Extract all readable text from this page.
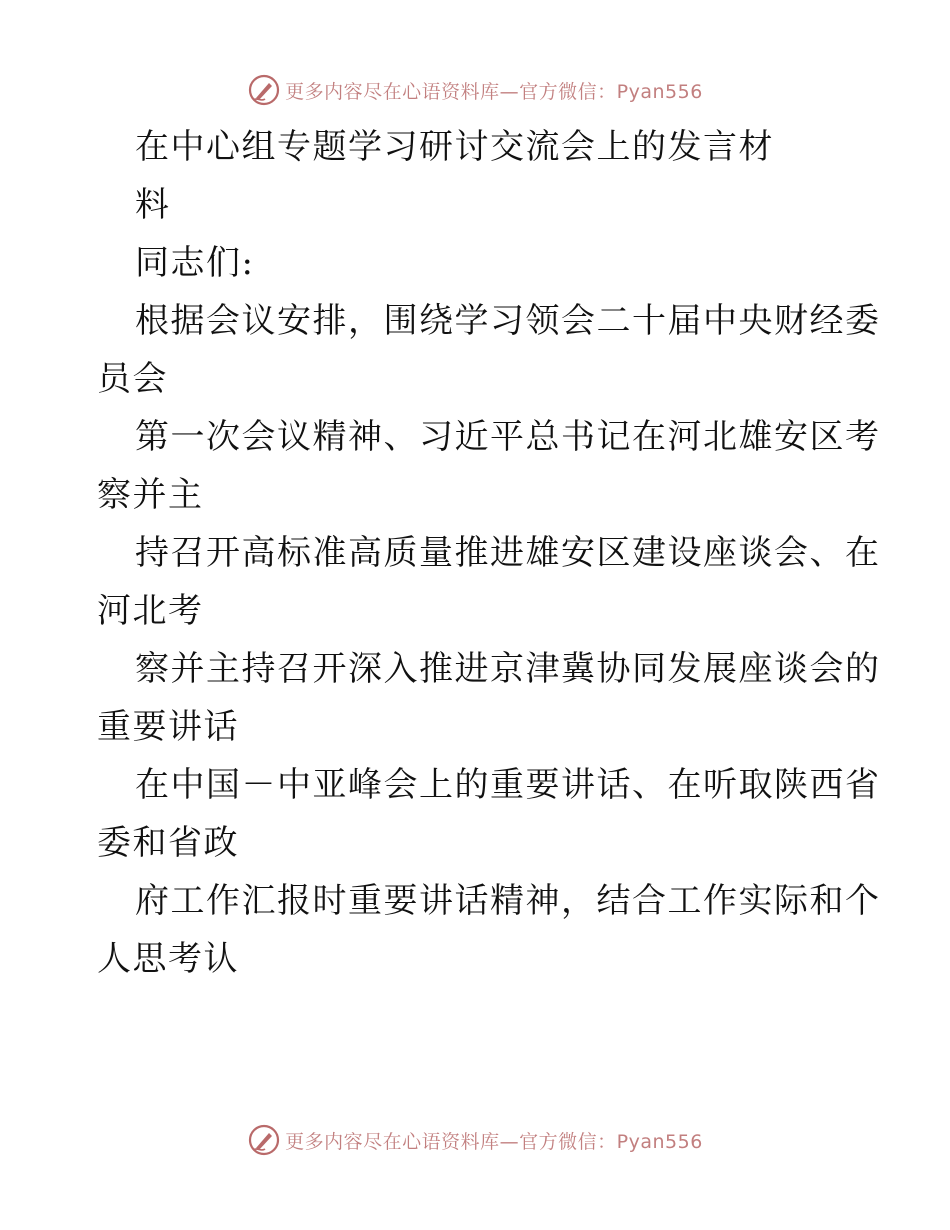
更多内容尽在心语资料库—官方微信：Pyan556

在中心组专题学习研讨交流会上的发言材

料

同志们:

根据会议安排，围绕学习领会二十届中央财经委

员会

第一次会议精神、习近平总书记在河北雄安区考

察并主

持召开高标准高质量推进雄安区建设座谈会、在

河北考

察并主持召开深入推进京津冀协同发展座谈会的

重要讲话

在中国－中亚峰会上的重要讲话、在听取陕西省

委和省政

府工作汇报时重要讲话精神，结合工作实际和个

人思考认

更多内容尽在心语资料库—官方微信：Pyan556
